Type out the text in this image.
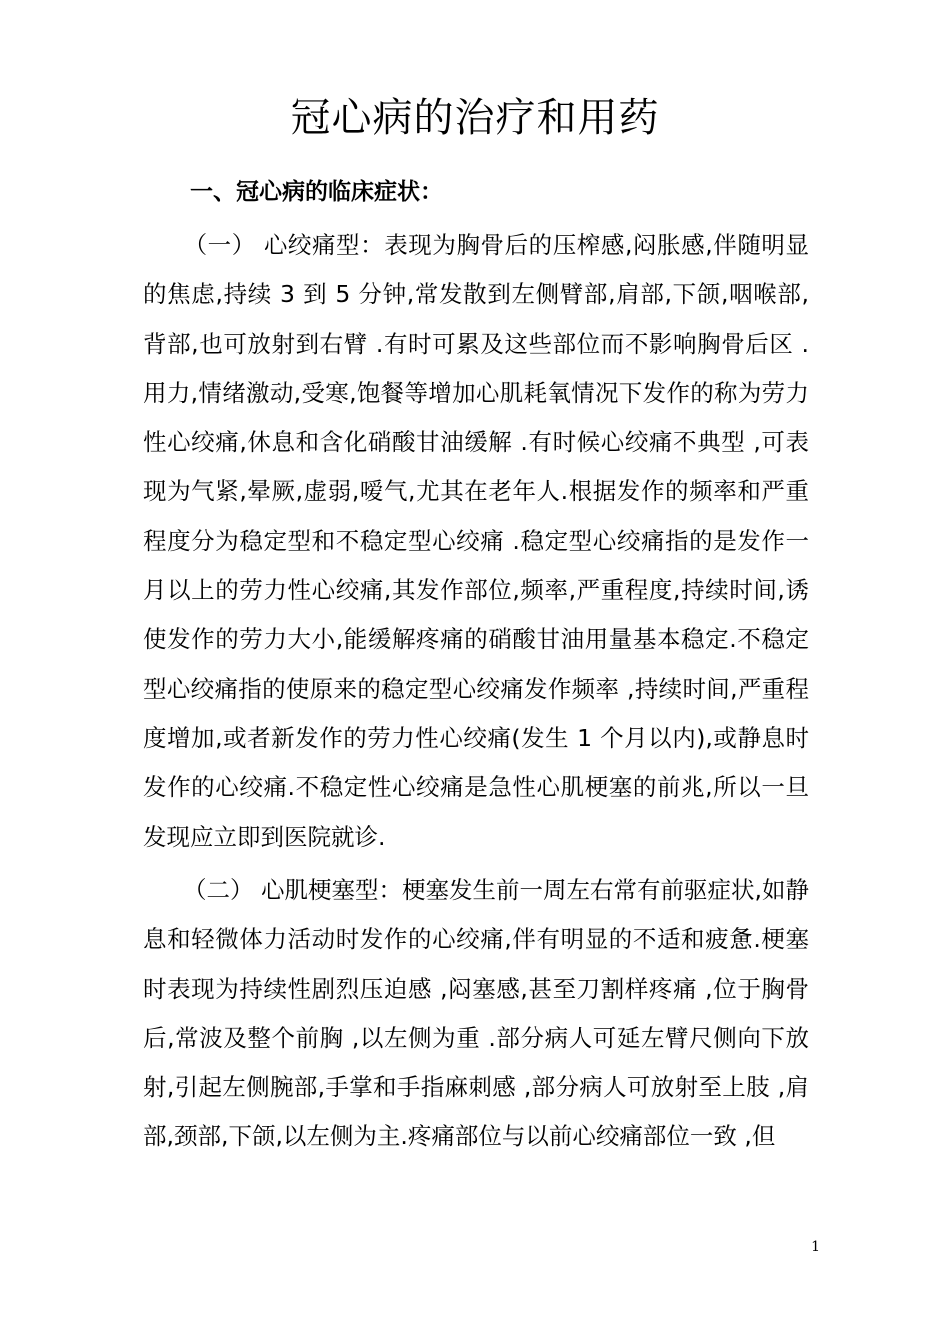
冠心病的治疗和用药
一、冠心病的临床症状：

（一） 心绞痛型：表现为胸骨后的压榨感,闷胀感,伴随明显的焦虑,持续 3 到 5 分钟,常发散到左侧臂部,肩部,下颌,咽喉部,背部,也可放射到右臂 .有时可累及这些部位而不影响胸骨后区 .用力,情绪激动,受寒,饱餐等增加心肌耗氧情况下发作的称为劳力性心绞痛,休息和含化硝酸甘油缓解 .有时候心绞痛不典型 ,可表现为气紧,晕厥,虚弱,嗳气,尤其在老年人.根据发作的频率和严重程度分为稳定型和不稳定型心绞痛 .稳定型心绞痛指的是发作一月以上的劳力性心绞痛,其发作部位,频率,严重程度,持续时间,诱使发作的劳力大小,能缓解疼痛的硝酸甘油用量基本稳定.不稳定型心绞痛指的使原来的稳定型心绞痛发作频率 ,持续时间,严重程度增加,或者新发作的劳力性心绞痛(发生 1 个月以内),或静息时发作的心绞痛.不稳定性心绞痛是急性心肌梗塞的前兆,所以一旦发现应立即到医院就诊.

（二） 心肌梗塞型：梗塞发生前一周左右常有前驱症状,如静息和轻微体力活动时发作的心绞痛,伴有明显的不适和疲惫.梗塞时表现为持续性剧烈压迫感 ,闷塞感,甚至刀割样疼痛 ,位于胸骨后,常波及整个前胸 ,以左侧为重 .部分病人可延左臂尺侧向下放射,引起左侧腕部,手掌和手指麻刺感 ,部分病人可放射至上肢 ,肩部,颈部,下颌,以左侧为主.疼痛部位与以前心绞痛部位一致 ,但

1
